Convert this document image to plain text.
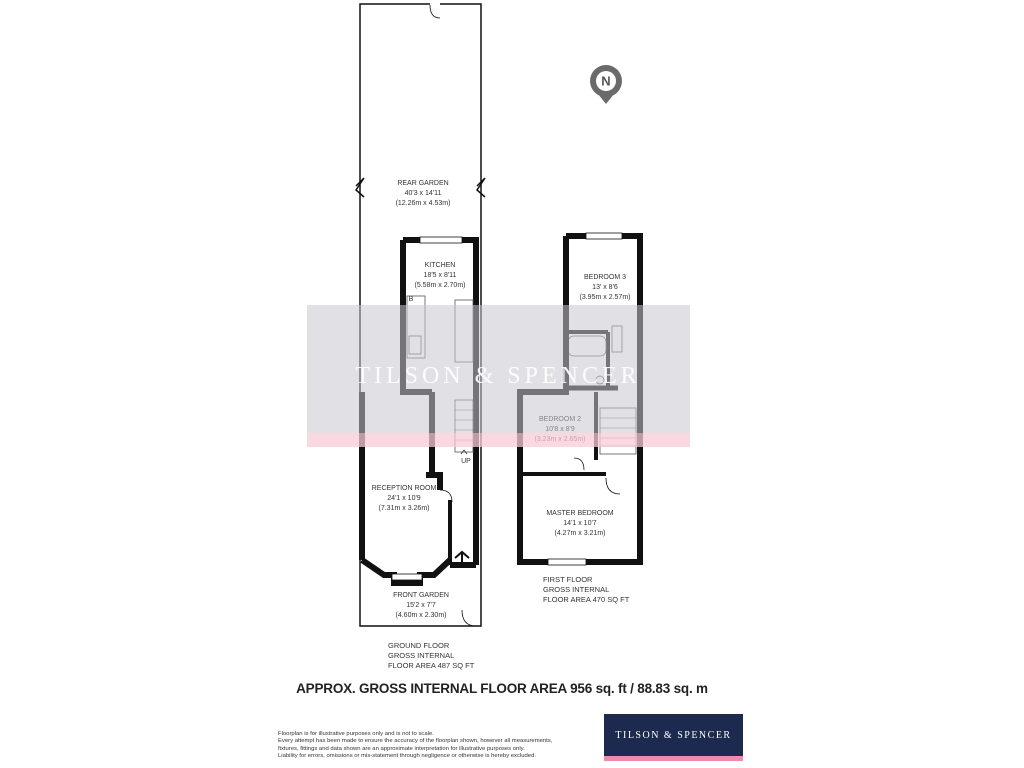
REAR GARDEN
40'3 x 14'11
(12.26m x 4.53m)
KITCHEN
18'5 x 8'11
(5.58m x 2.70m)
B
RECEPTION ROOM
24'1 x 10'9
(7.31m x 3.26m)
UP
FRONT GARDEN
15'2 x 7'7
(4.60m x 2.30m)
GROUND FLOOR
GROSS INTERNAL
FLOOR AREA 487 SQ FT
BEDROOM 3
13' x 8'6
(3.95m x 2.57m)
MASTER BEDROOM
14'1 x 10'7
(4.27m x 3.21m)
FIRST FLOOR
GROSS INTERNAL
FLOOR AREA 470 SQ FT
TILSON & SPENCER
N
APPROX. GROSS INTERNAL FLOOR AREA 956 sq. ft / 88.83 sq. m
Floorplan is for illustrative purposes only and is not to scale.
Every attempt has been made to ensure the accuracy of the floorplan shown, however all measurements,
fixtures, fittings and data shown are an approximate interpretation for illustrative purposes only.
Liability for errors, omissions or mis-statement through negligence or otherwise is hereby excluded.
TILSON & SPENCER
